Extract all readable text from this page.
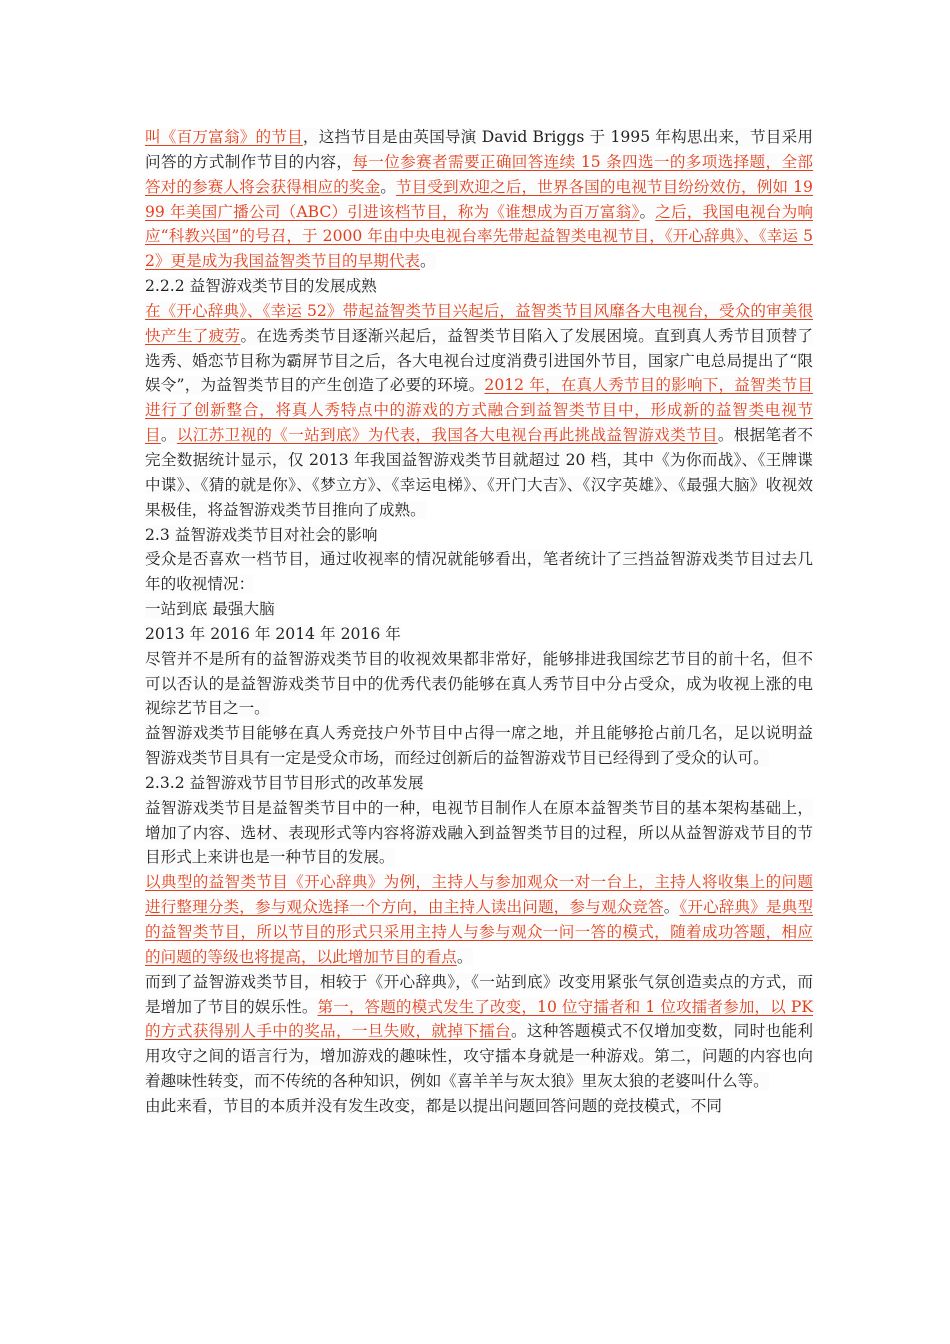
叫《百万富翁》的节目，这挡节目是由英国导演 David Briggs 于 1995 年构思出来，节目采用问答的方式制作节目的内容，每一位参赛者需要正确回答连续 15 条四选一的多项选择题，全部答对的参赛人将会获得相应的奖金。节目受到欢迎之后，世界各国的电视节目纷纷效仿，例如 1999 年美国广播公司（ABC）引进该档节目，称为《谁想成为百万富翁》。之后，我国电视台为响应“科教兴国”的号召，于 2000 年由中央电视台率先带起益智类电视节目，《开心辞典》、《幸运 52》更是成为我国益智类节目的早期代表。

2.2.2 益智游戏类节目的发展成熟

在《开心辞典》、《幸运 52》带起益智类节目兴起后，益智类节目风靡各大电视台，受众的审美很快产生了疲劳。在选秀类节目逐渐兴起后，益智类节目陷入了发展困境。直到真人秀节目顶替了选秀、婚恋节目称为霸屏节目之后，各大电视台过度消费引进国外节目，国家广电总局提出了“限娱令”，为益智类节目的产生创造了必要的环境。2012 年，在真人秀节目的影响下，益智类节目进行了创新整合，将真人秀特点中的游戏的方式融合到益智类节目中，形成新的益智类电视节目。以江苏卫视的《一站到底》为代表，我国各大电视台再此挑战益智游戏类节目。根据笔者不完全数据统计显示，仅 2013 年我国益智游戏类节目就超过 20 档，其中《为你而战》、《王牌谍中谍》、《猜的就是你》、《梦立方》、《幸运电梯》、《开门大吉》、《汉字英雄》、《最强大脑》收视效果极佳，将益智游戏类节目推向了成熟。

2.3 益智游戏类节目对社会的影响

受众是否喜欢一档节目，通过收视率的情况就能够看出，笔者统计了三挡益智游戏类节目过去几年的收视情况：

一站到底 最强大脑

2013 年 2016 年 2014 年 2016 年

尽管并不是所有的益智游戏类节目的收视效果都非常好，能够排进我国综艺节目的前十名，但不可以否认的是益智游戏类节目中的优秀代表仍能够在真人秀节目中分占受众，成为收视上涨的电视综艺节目之一。

益智游戏类节目能够在真人秀竞技户外节目中占得一席之地，并且能够抢占前几名，足以说明益智游戏类节目具有一定是受众市场，而经过创新后的益智游戏节目已经得到了受众的认可。

2.3.2 益智游戏节目节目形式的改革发展

益智游戏类节目是益智类节目中的一种，电视节目制作人在原本益智类节目的基本架构基础上，增加了内容、选材、表现形式等内容将游戏融入到益智类节目的过程，所以从益智游戏节目的节目形式上来讲也是一种节目的发展。

以典型的益智类节目《开心辞典》为例，主持人与参加观众一对一台上，主持人将收集上的问题进行整理分类，参与观众选择一个方向，由主持人读出问题，参与观众竞答。《开心辞典》是典型的益智类节目，所以节目的形式只采用主持人与参与观众一问一答的模式，随着成功答题，相应的问题的等级也将提高，以此增加节目的看点。

而到了益智游戏类节目，相较于《开心辞典》，《一站到底》改变用紧张气氛创造卖点的方式，而是增加了节目的娱乐性。第一，答题的模式发生了改变，10 位守擂者和 1 位攻擂者参加，以 PK 的方式获得别人手中的奖品，一旦失败，就掉下擂台。这种答题模式不仅增加变数，同时也能利用攻守之间的语言行为，增加游戏的趣味性，攻守擂本身就是一种游戏。第二，问题的内容也向着趣味性转变，而不传统的各种知识，例如《喜羊羊与灰太狼》里灰太狼的老婆叫什么等。

由此来看，节目的本质并没有发生改变，都是以提出问题回答问题的竞技模式，不同
